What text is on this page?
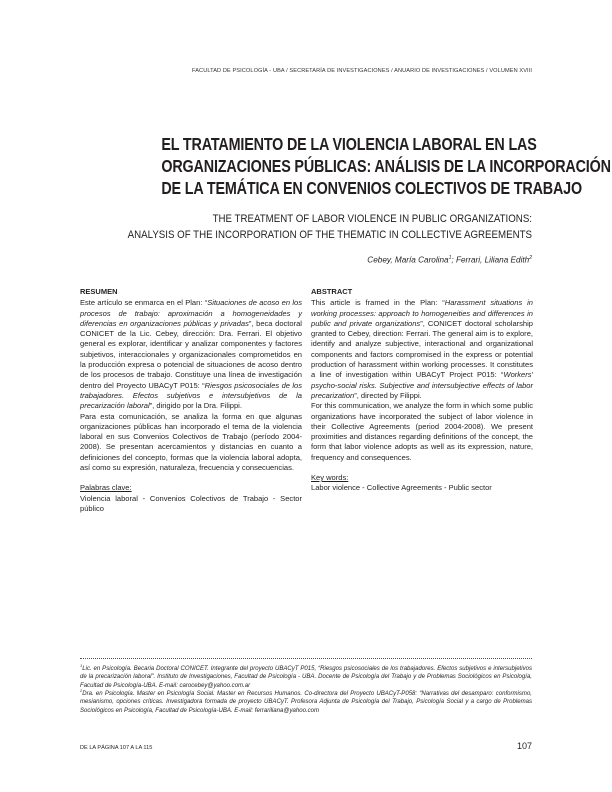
FACULTAD DE PSICOLOGÍA - UBA / SECRETARÍA DE INVESTIGACIONES / ANUARIO DE INVESTIGACIONES / VOLUMEN XVIII
EL TRATAMIENTO DE LA VIOLENCIA LABORAL EN LAS
ORGANIZACIONES PÚBLICAS: ANÁLISIS DE LA INCORPORACIÓN
DE LA TEMÁTICA EN CONVENIOS COLECTIVOS DE TRABAJO
THE TREATMENT OF LABOR VIOLENCE IN PUBLIC ORGANIZATIONS:
ANALYSIS OF THE INCORPORATION OF THE THEMATIC IN COLLECTIVE AGREEMENTS
Cebey, María Carolina$^1$; Ferrari, Liliana Edith$^2$
RESUMEN

Este artículo se enmarca en el Plan: “Situaciones de acoso en los procesos de trabajo: aproximación a homogeneidades y diferencias en organizaciones públicas y privadas”, beca doctoral CONICET de la Lic. Cebey, dirección: Dra. Ferrari. El objetivo general es explorar, identificar y analizar componentes y factores subjetivos, interaccionales y organizacionales comprometidos en la producción expresa o potencial de situaciones de acoso dentro de los procesos de trabajo. Constituye una línea de investigación dentro del Proyecto UBACyT P015: “Riesgos psicosociales de los trabajadores. Efectos subjetivos e intersubjetivos de la precarización laboral”, dirigido por la Dra. Filippi.

Para esta comunicación, se analiza la forma en que algunas organizaciones públicas han incorporado el tema de la violencia laboral en sus Convenios Colectivos de Trabajo (período 2004-2008). Se presentan acercamientos y distancias en cuanto a definiciones del concepto, formas que la violencia laboral adopta, así como su expresión, naturaleza, frecuencia y consecuencias.

Palabras clave:

Violencia laboral - Convenios Colectivos de Trabajo - Sector público

ABSTRACT

This article is framed in the Plan: “Harassment situations in working processes: approach to homogeneities and differences in public and private organizations”, CONICET doctoral scholarship granted to Cebey, direction: Ferrari. The general aim is to explore, identify and analyze subjective, interactional and organizational components and factors compromised in the express or potential production of harassment within working processes. It constitutes a line of investigation within UBACyT Project P015: “Workers' psycho-social risks. Subjective and intersubjective effects of labor precarization”, directed by Filippi.

For this communication, we analyze the form in which some public organizations have incorporated the subject of labor violence in their Collective Agreements (period 2004-2008). We present proximities and distances regarding definitions of the concept, the form that labor violence adopts as well as its expression, nature, frequency and consequences.

Key words:

Labor violence - Collective Agreements - Public sector

$^1$Lic. en Psicología. Becaria Doctoral CONICET. Integrante del proyecto UBACyT P015, “Riesgos psicosociales de los trabajadores. Efectos subjetivos e intersubjetivos de la precarización laboral”. Instituto de Investigaciones, Facultad de Psicología - UBA. Docente de Psicología del Trabajo y de Problemas Sociológicos en Psicología, Facultad de Psicología-UBA. E-mail: carocebey@yahoo.com.ar
$^2$Dra. en Psicología. Master en Psicología Social. Master en Recursos Humanos. Co-directora del Proyecto UBACyT-P058: “Narrativas del desamparo: conformismo, mesianismo, opciones críticas. Investigadora formada de proyecto UBACyT. Profesora Adjunta de Psicología del Trabajo, Psicología Social y a cargo de Problemas Sociológicos en Psicología, Facultad de Psicología-UBA. E-mail: ferrariliana@yahoo.com
DE LA PÁGINA 107 A LA 115	107
